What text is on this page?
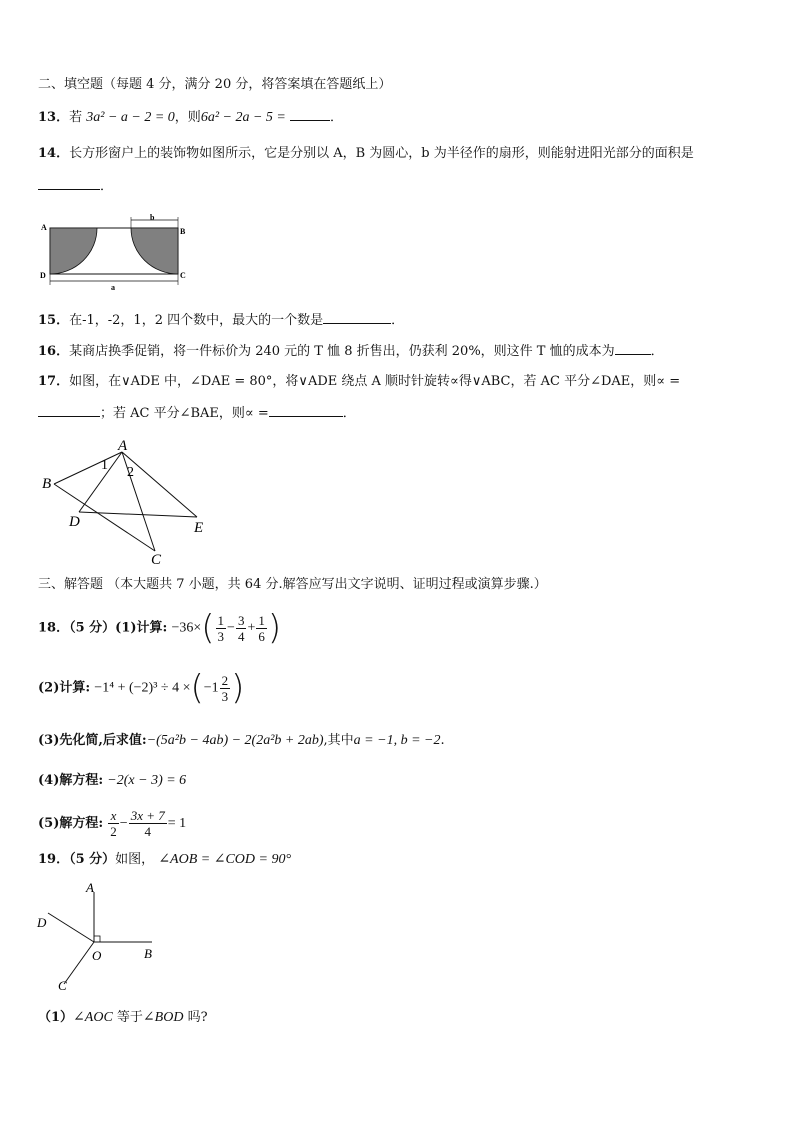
二、填空题（每题 4 分，满分 20 分，将答案填在答题纸上）
13．若 3a² − a − 2 = 0，则6a² − 2a − 5 =	．
14．长方形窗户上的装饰物如图所示，它是分别以 A，B 为圆心，b 为半径作的扇形，则能射进阳光部分的面积是
．
A	B
C
D
b
a
15．在-1，-2，1，2 四个数中，最大的一个数是	．
16．某商店换季促销，将一件标价为 240 元的 T 恤 8 折售出，仍获利 20%，则这件 T 恤的成本为	．
17．如图，在∨ADE 中，∠DAE = 80°，将∨ADE 绕点 A 顺时针旋转∝得∨ABC，若 AC 平分∠DAE，则∝ =
；若 AC 平分∠BAE，则∝ =	．
A
B
C
D	E
1 2
三、解答题 （本大题共 7 小题，共 64 分.解答应写出文字说明、证明过程或演算步骤.）
18．（5 分）(1)计算: $-36\times( \frac{1}{3} - \frac{3}{4} + \frac{1}{6}$ )
(2)计算: $-1^4 + (-2)^3 \div 4 \times(-1 \frac{2}{3}$ )
(3)先化简,后求值:−(5a²b − 4ab) − 2(2a²b + 2ab),其中a = −1, b = −2.
(4)解方程: −2(x − 3) = 6
(5)解方程: $\frac{x}{2} - \frac{3x + 7}{4} = 1$
19．（5 分）如图， ∠AOB = ∠COD = 90°
A
B
C
D
O
（1）∠AOC 等于∠BOD 吗?
